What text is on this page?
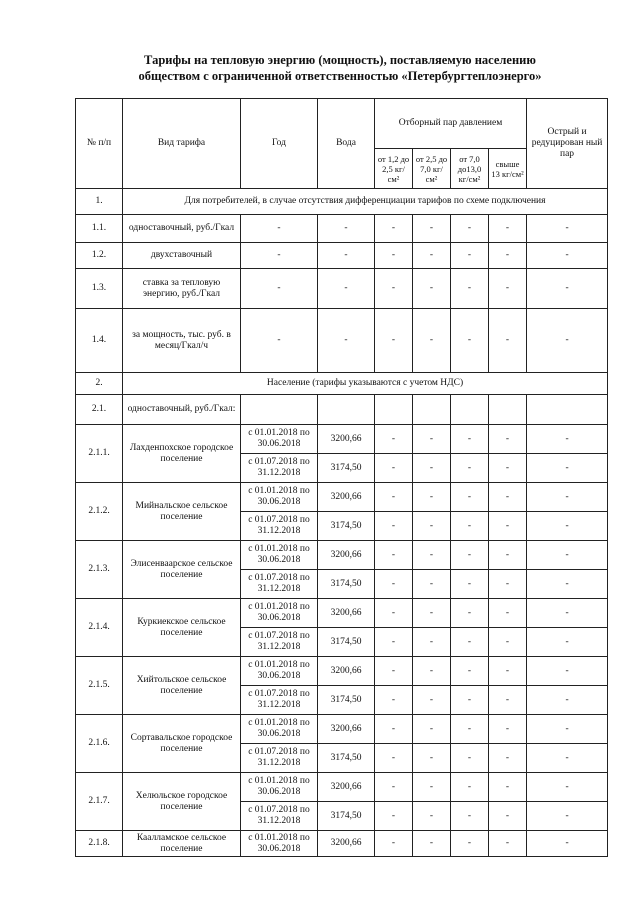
Тарифы на тепловую энергию (мощность), поставляемую населению
обществом с ограниченной ответственностью «Петербургтеплоэнерго»
№ п/п	Вид тарифа	Год	Вода	Отборный пар давлением				Острый и редуцирован ный пар
				от 1,2 до 2,5 кг/см²	от 2,5 до 7,0 кг/см²	от 7,0 до13,0 кг/см²	свыше 13 кг/см²	
1.	Для потребителей, в случае отсутствия дифференциации тарифов по схеме подключения							
1.1.	одноставочный, руб./Гкал	-	-	-	-	-	-	-
1.2.	двухставочный	-	-	-	-	-	-	-
1.3.	ставка за тепловую энергию, руб./Гкал	-	-	-	-	-	-	-
1.4.	за мощность, тыс. руб. в месяц/Гкал/ч	-	-	-	-	-	-	-
2.	Население (тарифы указываются с учетом НДС)							
2.1.	одноставочный, руб./Гкал:							
2.1.1.	Лахденпохское городское поселение	с 01.01.2018 по 30.06.2018	3200,66	-	-	-	-	-
		с 01.07.2018 по 31.12.2018	3174,50	-	-	-	-	-
2.1.2.	Мийнальское сельское поселение	с 01.01.2018 по 30.06.2018	3200,66	-	-	-	-	-
		с 01.07.2018 по 31.12.2018	3174,50	-	-	-	-	-
2.1.3.	Элисенваарское сельское поселение	с 01.01.2018 по 30.06.2018	3200,66	-	-	-	-	-
		с 01.07.2018 по 31.12.2018	3174,50	-	-	-	-	-
2.1.4.	Куркиекское сельское поселение	с 01.01.2018 по 30.06.2018	3200,66	-	-	-	-	-
		с 01.07.2018 по 31.12.2018	3174,50	-	-	-	-	-
2.1.5.	Хийтольское сельское поселение	с 01.01.2018 по 30.06.2018	3200,66	-	-	-	-	-
		с 01.07.2018 по 31.12.2018	3174,50	-	-	-	-	-
2.1.6.	Сортавальское городское поселение	с 01.01.2018 по 30.06.2018	3200,66	-	-	-	-	-
		с 01.07.2018 по 31.12.2018	3174,50	-	-	-	-	-
2.1.7.	Хелюльское городское поселение	с 01.01.2018 по 30.06.2018	3200,66	-	-	-	-	-
		с 01.07.2018 по 31.12.2018	3174,50	-	-	-	-	-
2.1.8.	Каалламское сельское поселение	с 01.01.2018 по 30.06.2018	3200,66	-	-	-	-	-
